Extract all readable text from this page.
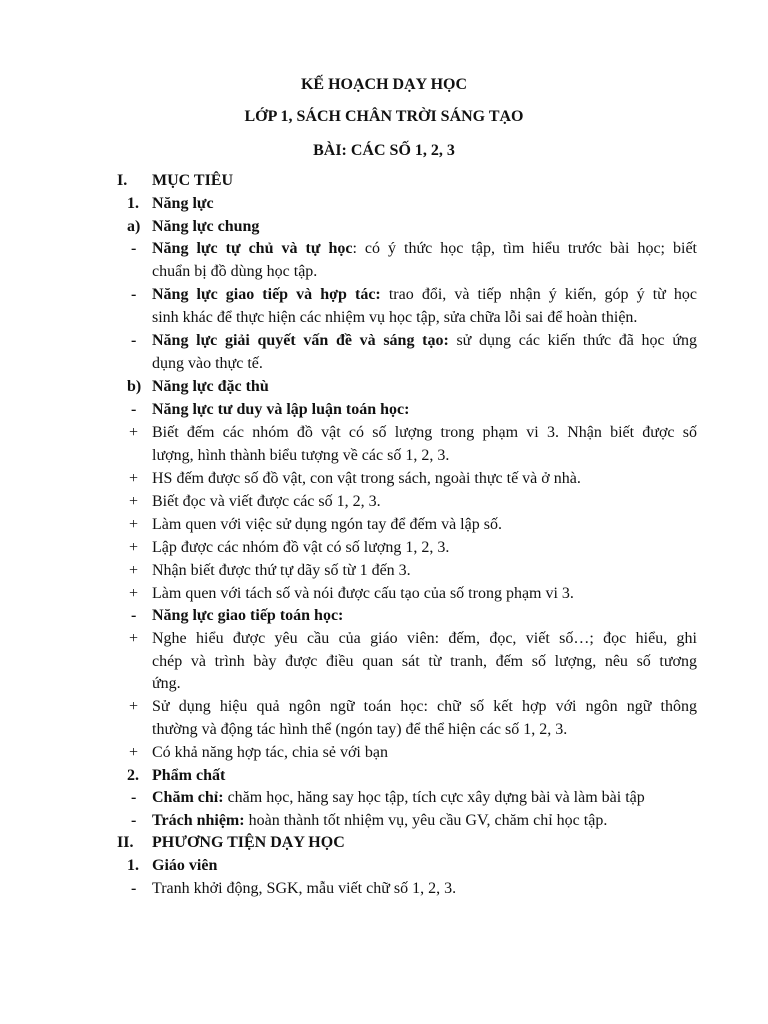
KẾ HOẠCH DẠY HỌC
LỚP 1, SÁCH CHÂN TRỜI SÁNG TẠO
BÀI: CÁC SỐ 1, 2, 3
I. MỤC TIÊU
1. Năng lực
a) Năng lực chung
- Năng lực tự chủ và tự học: có ý thức học tập, tìm hiểu trước bài học; biết
chuẩn bị đồ dùng học tập.
- Năng lực giao tiếp và hợp tác: trao đổi, và tiếp nhận ý kiến, góp ý từ học
sinh khác để thực hiện các nhiệm vụ học tập, sửa chữa lỗi sai để hoàn thiện.
- Năng lực giải quyết vấn đề và sáng tạo: sử dụng các kiến thức đã học ứng
dụng vào thực tế.
b) Năng lực đặc thù
- Năng lực tư duy và lập luận toán học:
+ Biết đếm các nhóm đồ vật có số lượng trong phạm vi 3. Nhận biết được số
lượng, hình thành biểu tượng về các số 1, 2, 3.
+ HS đếm được số đồ vật, con vật trong sách, ngoài thực tế và ở nhà.
+ Biết đọc và viết được các số 1, 2, 3.
+ Làm quen với việc sử dụng ngón tay để đếm và lập số.
+ Lập được các nhóm đồ vật có số lượng 1, 2, 3.
+ Nhận biết được thứ tự dãy số từ 1 đến 3.
+ Làm quen với tách số và nói được cấu tạo của số trong phạm vi 3.
- Năng lực giao tiếp toán học:
+ Nghe hiểu được yêu cầu của giáo viên: đếm, đọc, viết số…; đọc hiểu, ghi
chép và trình bày được điều quan sát từ tranh, đếm số lượng, nêu số tương
ứng.
+ Sử dụng hiệu quả ngôn ngữ toán học: chữ số kết hợp với ngôn ngữ thông
thường và động tác hình thể (ngón tay) để thể hiện các số 1, 2, 3.
+ Có khả năng hợp tác, chia sẻ với bạn
2. Phẩm chất
- Chăm chỉ: chăm học, hăng say học tập, tích cực xây dựng bài và làm bài tập
- Trách nhiệm: hoàn thành tốt nhiệm vụ, yêu cầu GV, chăm chỉ học tập.
II. PHƯƠNG TIỆN DẠY HỌC
1. Giáo viên
- Tranh khởi động, SGK, mẫu viết chữ số 1, 2, 3.
